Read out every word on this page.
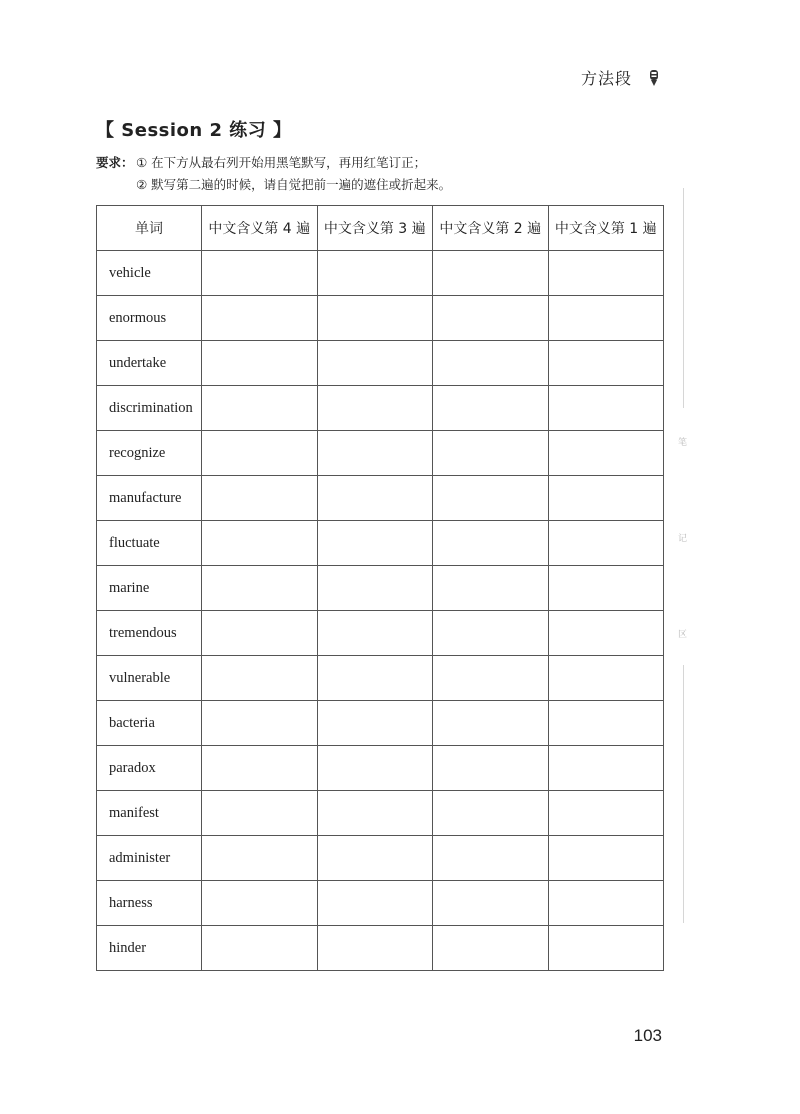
方法段
【 Session 2 练习 】
要求： ① 在下方从最右列开始用黑笔默写，再用红笔订正；
② 默写第二遍的时候，请自觉把前一遍的遮住或折起来。
单词	中文含义第 4 遍	中文含义第 3 遍	中文含义第 2 遍	中文含义第 1 遍
vehicle				
enormous				
undertake				
discrimination				
recognize				
manufacture				
fluctuate				
marine				
tremendous				
vulnerable				
bacteria				
paradox				
manifest				
administer				
harness				
hinder				
笔
记
区
103
